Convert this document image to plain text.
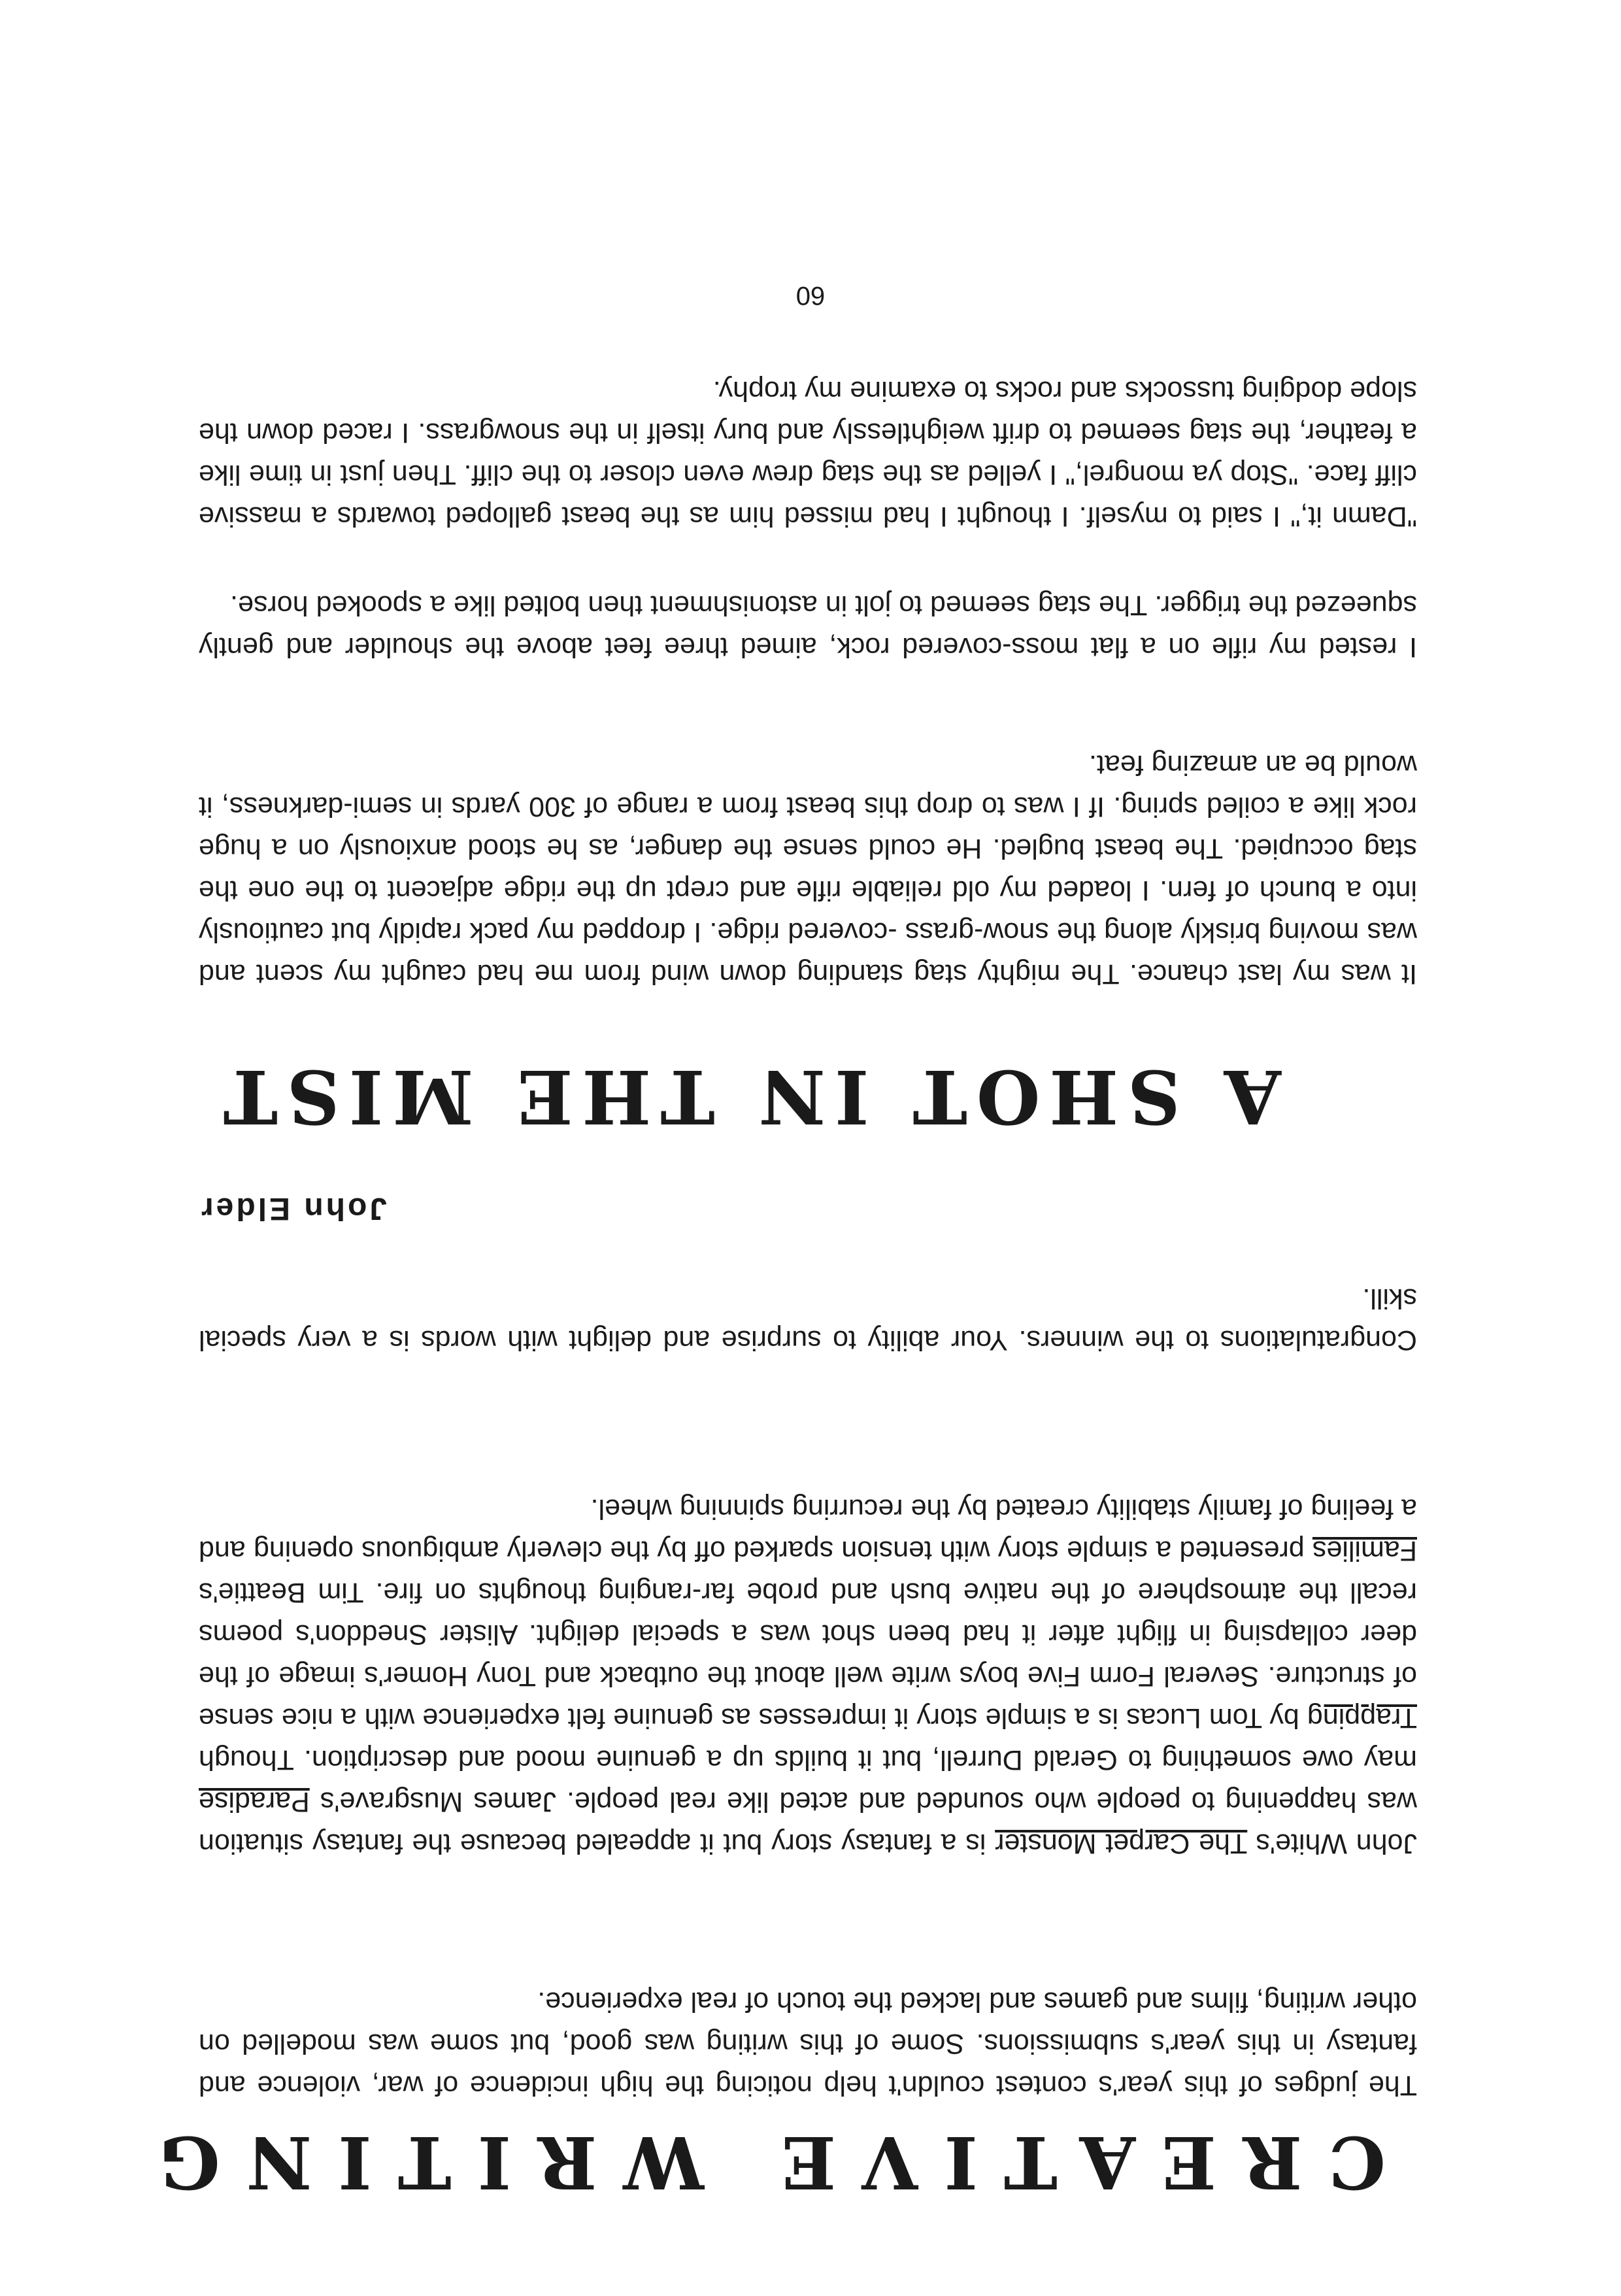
CREATIVE WRITING

The judges of this year's contest couldn't help noticing the high incidence of war, violence and fantasy in this year's submissions. Some of this writing was good, but some was modelled on other writing, films and games and lacked the touch of real experience.

John White's The Carpet Monster is a fantasy story but it appealed because the fantasy situation was happening to people who sounded and acted like real people. James Musgrave's Paradise may owe something to Gerald Durrell, but it builds up a genuine mood and description. Though Trapping by Tom Lucas is a simple story it impresses as genuine felt experience with a nice sense of structure. Several Form Five boys write well about the outback and Tony Homer's image of the deer collapsing in flight after it had been shot was a special delight. Alister Sneddon's poems recall the atmosphere of the native bush and probe far-ranging thoughts on fire. Tim Beattie's Families presented a simple story with tension sparked off by the cleverly ambiguous opening and a feeling of family stability created by the recurring spinning wheel.

Congratulations to the winners. Your ability to surprise and delight with words is a very special skill.

John Elder

A SHOT IN THE MIST

It was my last chance. The mighty stag standing down wind from me had caught my scent and was moving briskly along the snow-grass -covered ridge. I dropped my pack rapidly but cautiously into a bunch of fern. I loaded my old reliable rifle and crept up the ridge adjacent to the one the stag occupied. The beast bugled. He could sense the danger, as he stood anxiously on a huge rock like a coiled spring. If I was to drop this beast from a range of 300 yards in semi-darkness, it would be an amazing feat.

I rested my rifle on a flat moss-covered rock, aimed three feet above the shoulder and gently squeezed the trigger. The stag seemed to jolt in astonishment then bolted like a spooked horse.

"Damn it," I said to myself. I thought I had missed him as the beast galloped towards a massive cliff face. "Stop ya mongrel," I yelled as the stag drew even closer to the cliff. Then just in time like a feather, the stag seemed to drift weightlessly and bury itself in the snowgrass. I raced down the slope dodging tussocks and rocks to examine my trophy.

60
